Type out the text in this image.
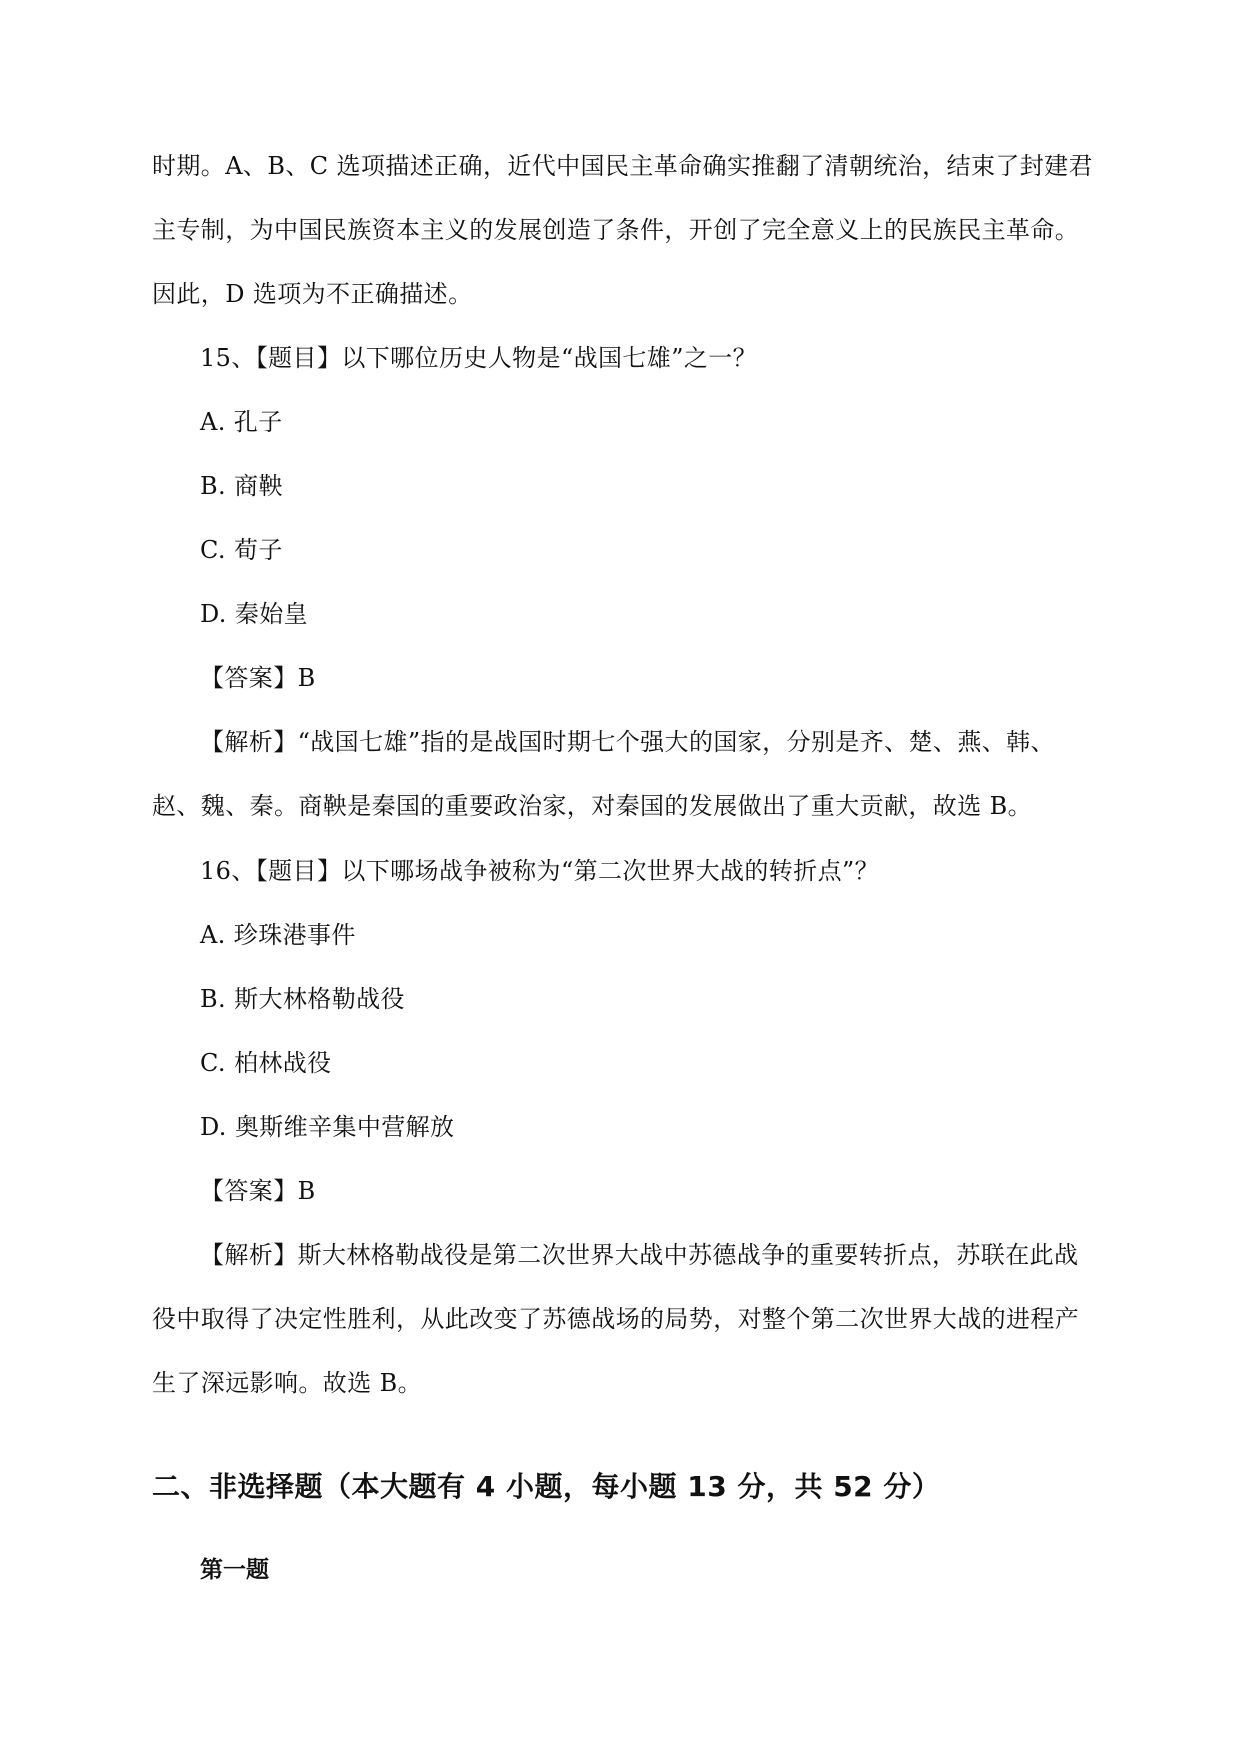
时期。A、B、C 选项描述正确，近代中国民主革命确实推翻了清朝统治，结束了封建君

主专制，为中国民族资本主义的发展创造了条件，开创了完全意义上的民族民主革命。

因此，D 选项为不正确描述。

15、【题目】以下哪位历史人物是“战国七雄”之一？

A. 孔子

B. 商鞅

C. 荀子

D. 秦始皇

【答案】B

【解析】“战国七雄”指的是战国时期七个强大的国家，分别是齐、楚、燕、韩、

赵、魏、秦。商鞅是秦国的重要政治家，对秦国的发展做出了重大贡献，故选 B。

16、【题目】以下哪场战争被称为“第二次世界大战的转折点”？

A. 珍珠港事件

B. 斯大林格勒战役

C. 柏林战役

D. 奥斯维辛集中营解放

【答案】B

【解析】斯大林格勒战役是第二次世界大战中苏德战争的重要转折点，苏联在此战

役中取得了决定性胜利，从此改变了苏德战场的局势，对整个第二次世界大战的进程产

生了深远影响。故选 B。

二、非选择题（本大题有 4 小题，每小题 13 分，共 52 分）
第一题
